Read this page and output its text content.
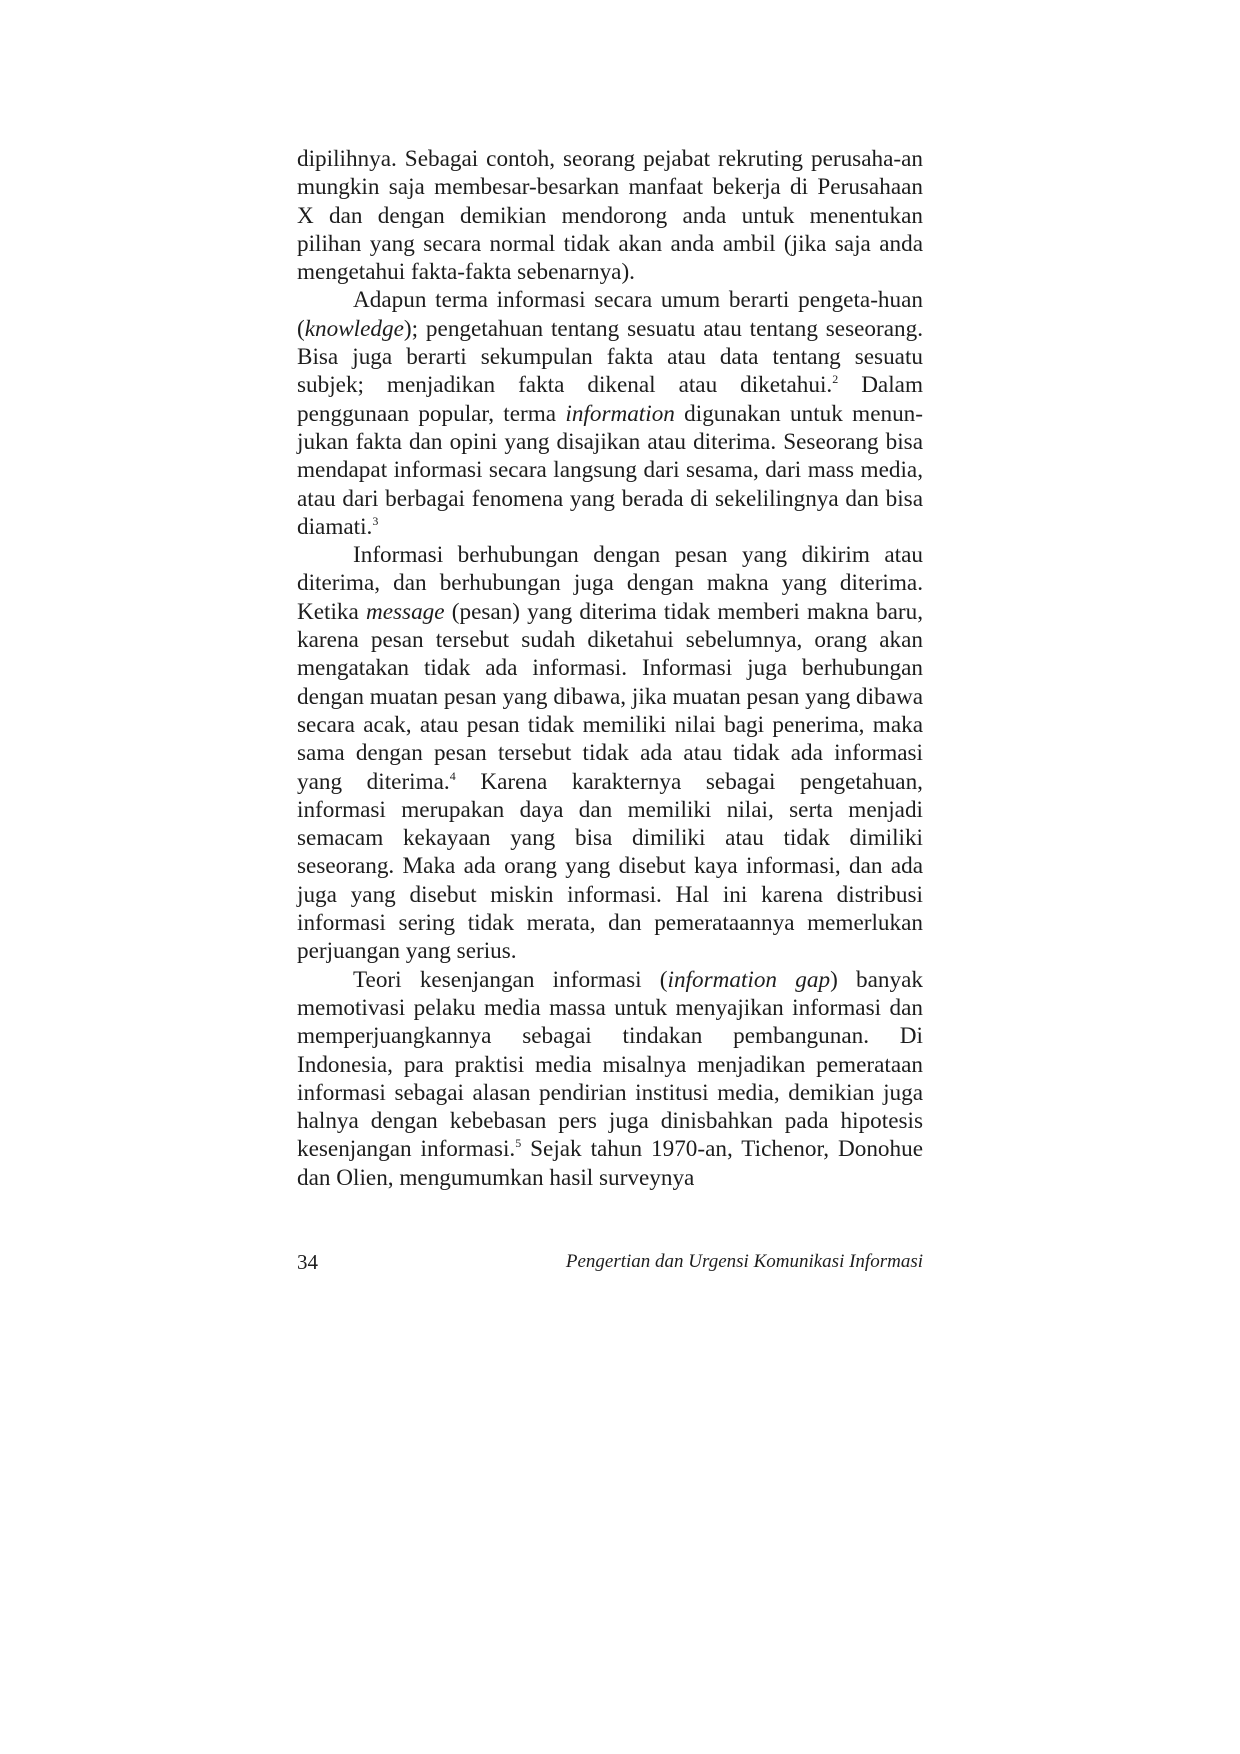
dipilihnya. Sebagai contoh, seorang pejabat rekruting perusaha-an mungkin saja membesar-besarkan manfaat bekerja di Perusahaan X dan dengan demikian mendorong anda untuk menentukan pilihan yang secara normal tidak akan anda ambil (jika saja anda mengetahui fakta-fakta sebenarnya).

Adapun terma informasi secara umum berarti pengeta-huan (knowledge); pengetahuan tentang sesuatu atau tentang seseorang. Bisa juga berarti sekumpulan fakta atau data tentang sesuatu subjek; menjadikan fakta dikenal atau diketahui.$^2$ Dalam penggunaan popular, terma information digunakan untuk menun-jukan fakta dan opini yang disajikan atau diterima. Seseorang bisa mendapat informasi secara langsung dari sesama, dari mass media, atau dari berbagai fenomena yang berada di sekelilingnya dan bisa diamati.$^3$

Informasi berhubungan dengan pesan yang dikirim atau diterima, dan berhubungan juga dengan makna yang diterima. Ketika message (pesan) yang diterima tidak memberi makna baru, karena pesan tersebut sudah diketahui sebelumnya, orang akan mengatakan tidak ada informasi. Informasi juga berhubungan dengan muatan pesan yang dibawa, jika muatan pesan yang dibawa secara acak, atau pesan tidak memiliki nilai bagi penerima, maka sama dengan pesan tersebut tidak ada atau tidak ada informasi yang diterima.$^4$ Karena karakternya sebagai pengetahuan, informasi merupakan daya dan memiliki nilai, serta menjadi semacam kekayaan yang bisa dimiliki atau tidak dimiliki seseorang. Maka ada orang yang disebut kaya informasi, dan ada juga yang disebut miskin informasi. Hal ini karena distribusi informasi sering tidak merata, dan pemerataannya memerlukan perjuangan yang serius.

Teori kesenjangan informasi (information gap) banyak memotivasi pelaku media massa untuk menyajikan informasi dan memperjuangkannya sebagai tindakan pembangunan. Di Indonesia, para praktisi media misalnya menjadikan pemerataan informasi sebagai alasan pendirian institusi media, demikian juga halnya dengan kebebasan pers juga dinisbahkan pada hipotesis kesenjangan informasi.$^5$ Sejak tahun 1970-an, Tichenor, Donohue dan Olien, mengumumkan hasil surveynya

34	Pengertian dan Urgensi Komunikasi Informasi
